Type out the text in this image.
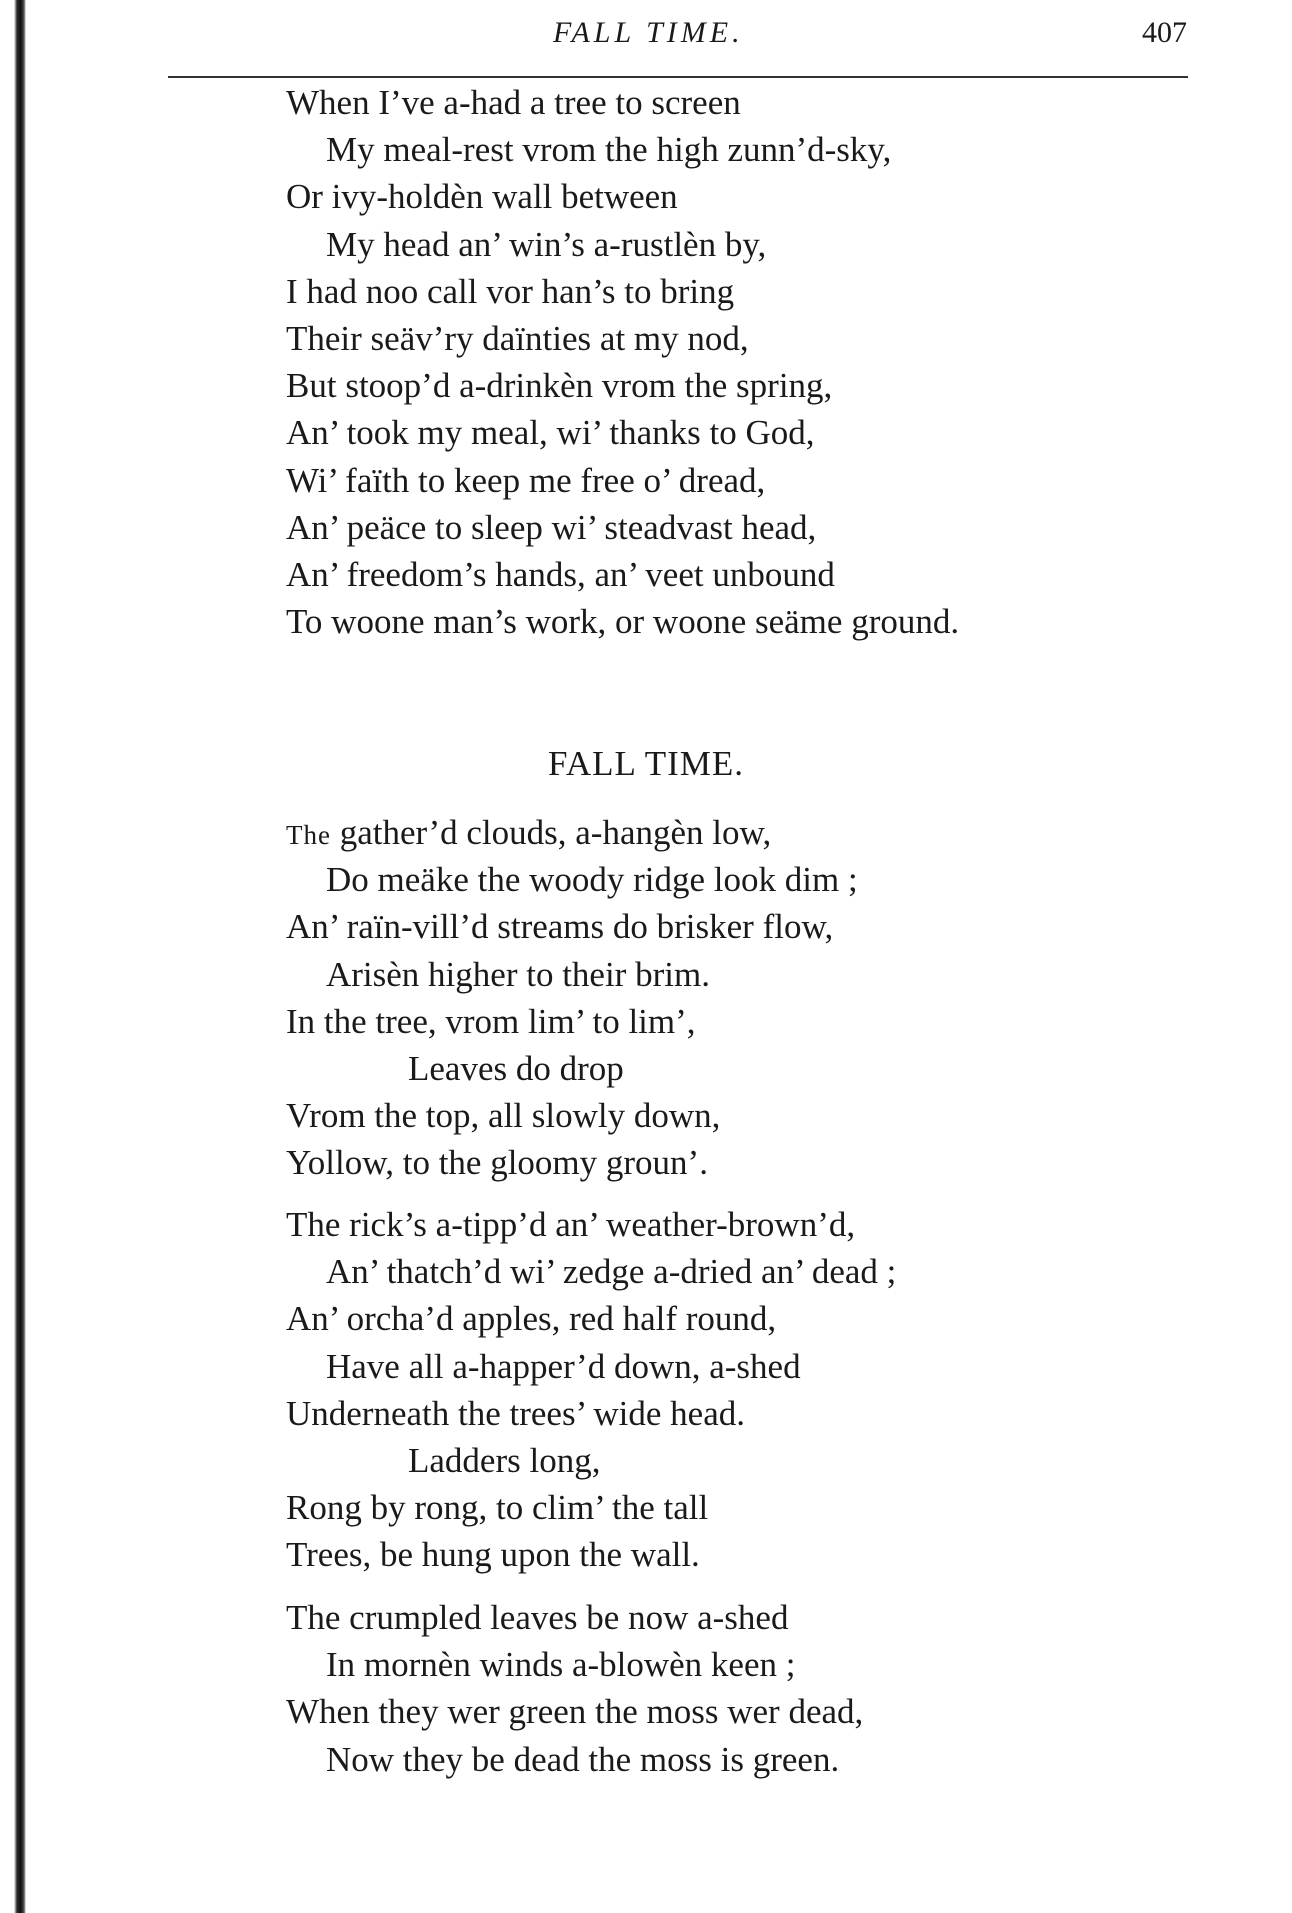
FALL TIME.	407
When I’ve a-had a tree to screen
My meal-rest vrom the high zunn’d-sky,
Or ivy-holdèn wall between
My head an’ win’s a-rustlèn by,
I had noo call vor han’s to bring
Their seäv’ry daïnties at my nod,
But stoop’d a-drinkèn vrom the spring,
An’ took my meal, wi’ thanks to God,
Wi’ faïth to keep me free o’ dread,
An’ peäce to sleep wi’ steadvast head,
An’ freedom’s hands, an’ veet unbound
To woone man’s work, or woone seäme ground.
FALL TIME.
The gather’d clouds, a-hangèn low,
Do meäke the woody ridge look dim ;
An’ raïn-vill’d streams do brisker flow,
Arisèn higher to their brim.
In the tree, vrom lim’ to lim’,
Leaves do drop
Vrom the top, all slowly down,
Yollow, to the gloomy groun’.
The rick’s a-tipp’d an’ weather-brown’d,
An’ thatch’d wi’ zedge a-dried an’ dead ;
An’ orcha’d apples, red half round,
Have all a-happer’d down, a-shed
Underneath the trees’ wide head.
Ladders long,
Rong by rong, to clim’ the tall
Trees, be hung upon the wall.
The crumpled leaves be now a-shed
In mornèn winds a-blowèn keen ;
When they wer green the moss wer dead,
Now they be dead the moss is green.
